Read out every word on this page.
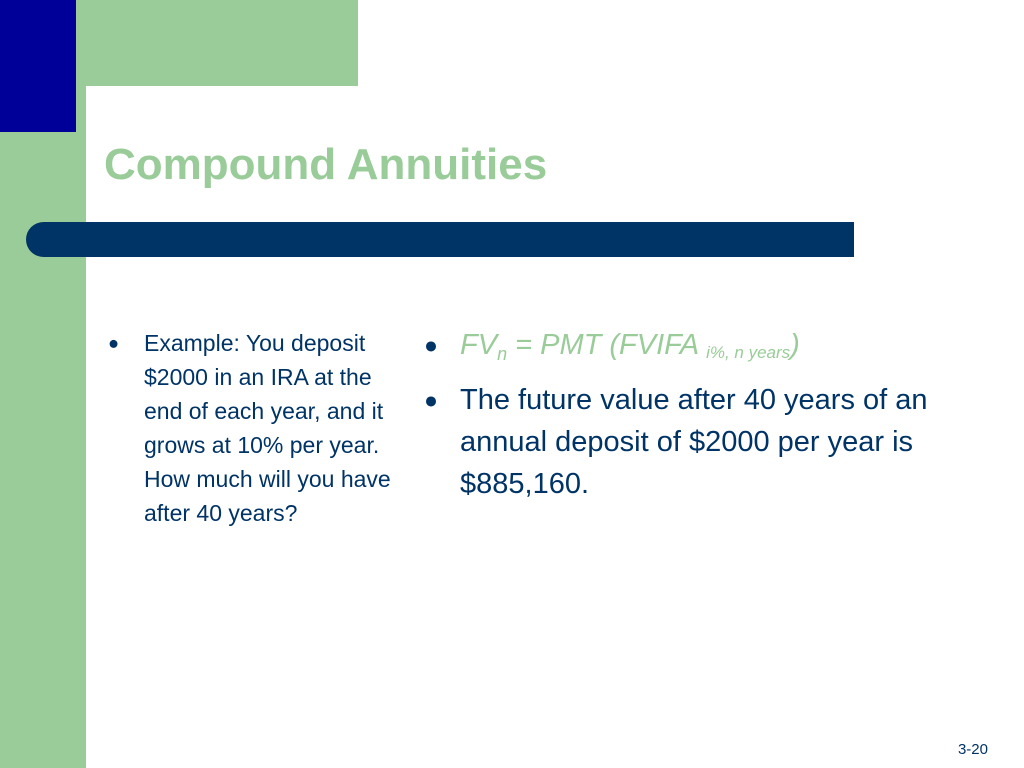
Compound Annuities
● Example: You deposit $2000 in an IRA at the end of each year, and it grows at 10% per year. How much will you have after 40 years?
● $FV_n$ = PMT (FVIFA $_{i\%, n years}$)
● The future value after 40 years of an annual deposit of $2000 per year is $885,160.
3-20
